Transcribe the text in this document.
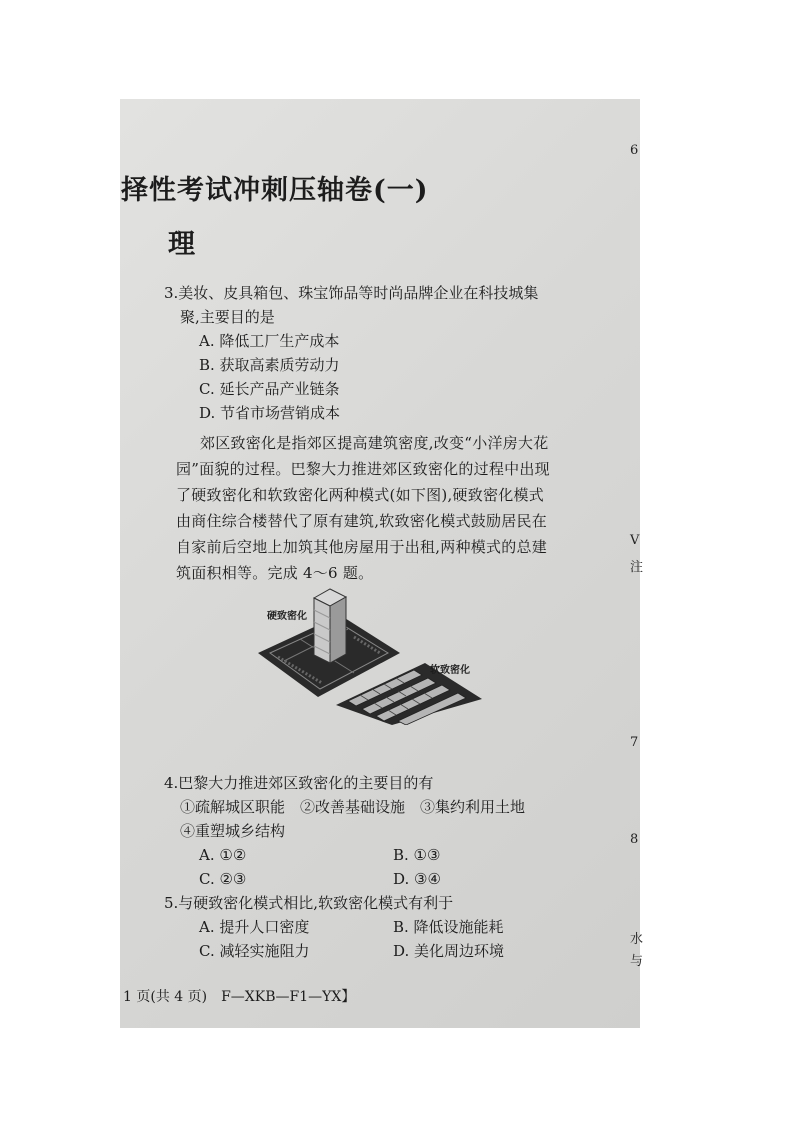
6
V
注
7
8
水
与
择性考试冲刺压轴卷(一)
理
3.美妆、皮具箱包、珠宝饰品等时尚品牌企业在科技城集
聚,主要目的是
A. 降低工厂生产成本
B. 获取高素质劳动力
C. 延长产品产业链条
D. 节省市场营销成本
郊区致密化是指郊区提高建筑密度,改变“小洋房大花
园”面貌的过程。巴黎大力推进郊区致密化的过程中出现
了硬致密化和软致密化两种模式(如下图),硬致密化模式
由商住综合楼替代了原有建筑,软致密化模式鼓励居民在
自家前后空地上加筑其他房屋用于出租,两种模式的总建
筑面积相等。完成 4～6 题。
硬致密化
软致密化
4.巴黎大力推进郊区致密化的主要目的有
①疏解城区职能　②改善基础设施　③集约利用土地
④重塑城乡结构
A. ①②	B. ①③
C. ②③	D. ③④
5.与硬致密化模式相比,软致密化模式有利于
A. 提升人口密度	B. 降低设施能耗
C. 减轻实施阻力	D. 美化周边环境
1 页(共 4 页)　F—XKB—F1—YX】
